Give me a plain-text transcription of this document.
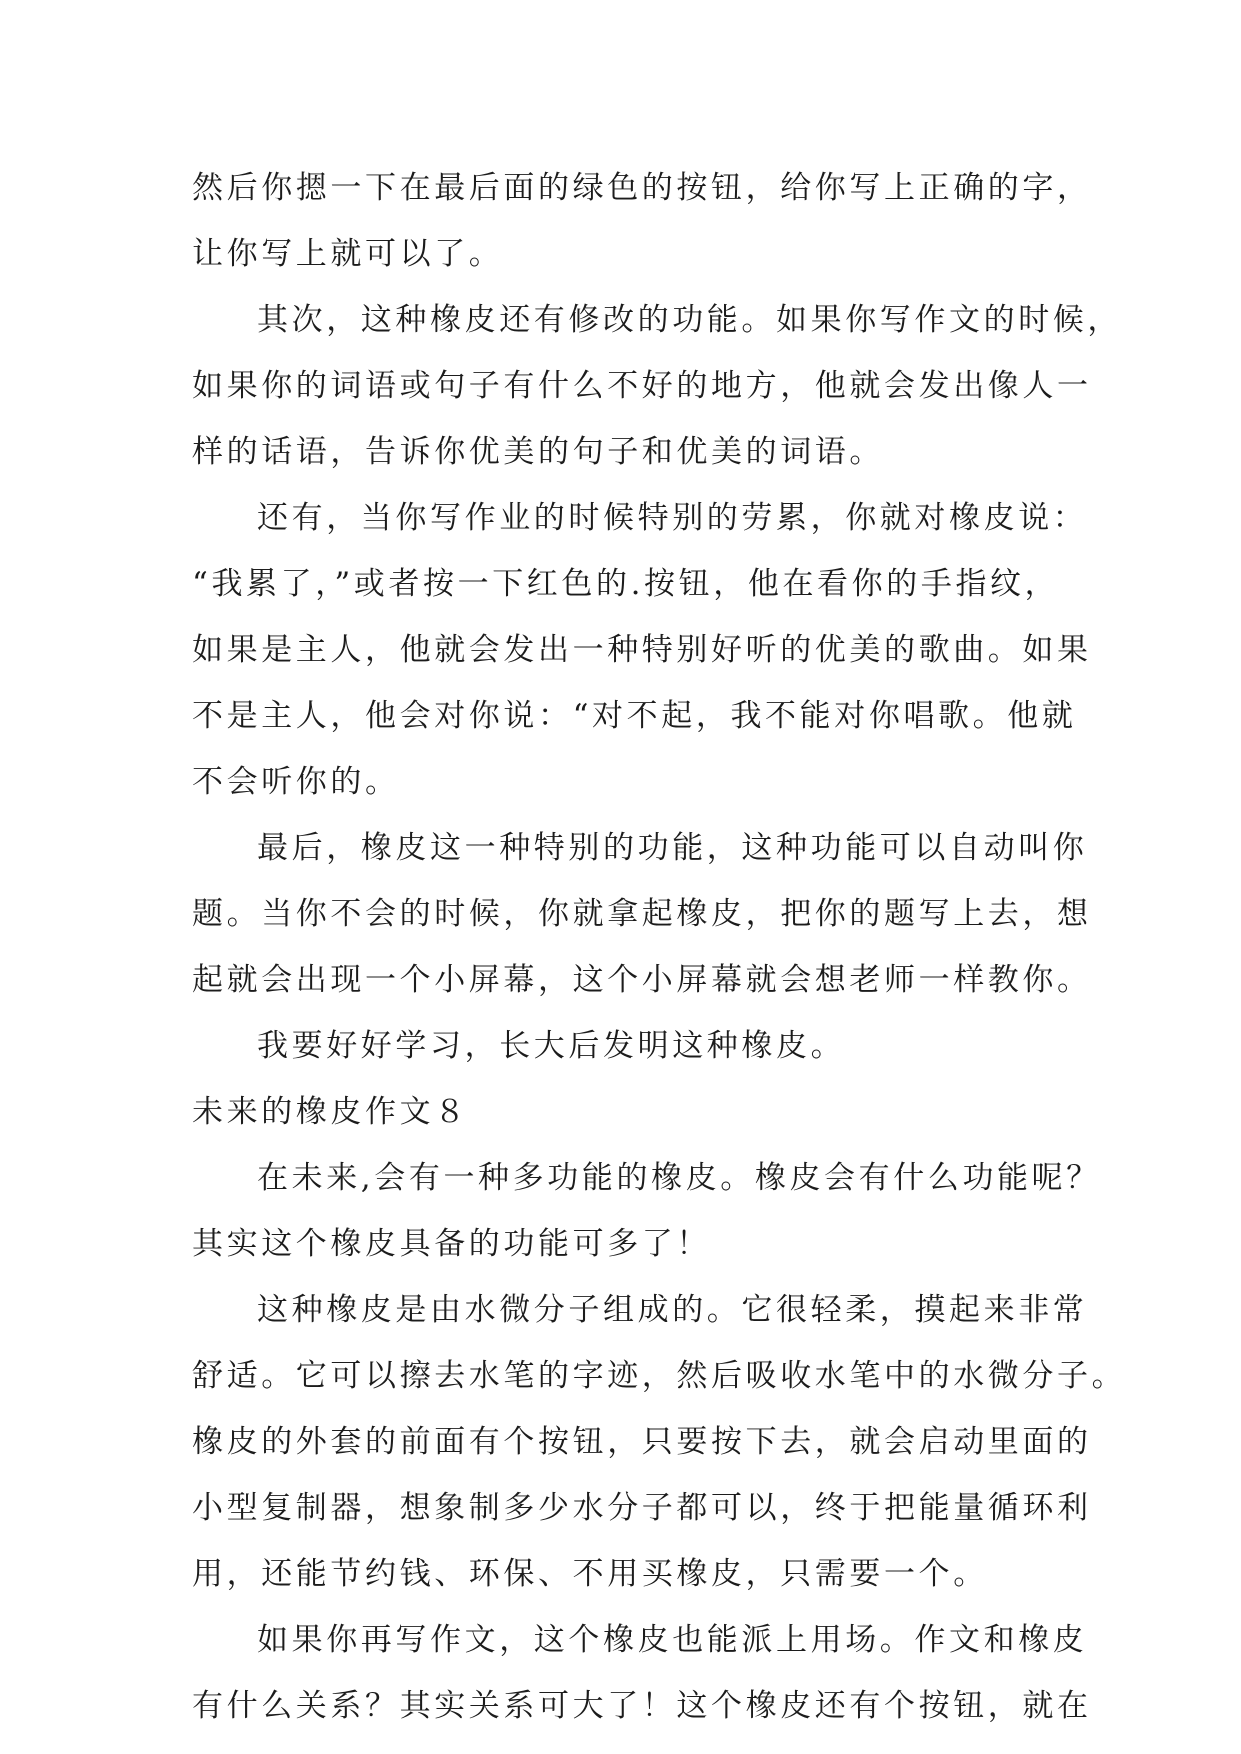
然后你摁一下在最后面的绿色的按钮，给你写上正确的字，
让你写上就可以了。
其次，这种橡皮还有修改的功能。如果你写作文的时候，
如果你的词语或句子有什么不好的地方，他就会发出像人一
样的话语，告诉你优美的句子和优美的词语。
还有，当你写作业的时候特别的劳累，你就对橡皮说：
“我累了，”或者按一下红色的.按钮，他在看你的手指纹，
如果是主人，他就会发出一种特别好听的优美的歌曲。如果
不是主人，他会对你说：“对不起，我不能对你唱歌。他就
不会听你的。
最后，橡皮这一种特别的功能，这种功能可以自动叫你
题。当你不会的时候，你就拿起橡皮，把你的题写上去，想
起就会出现一个小屏幕，这个小屏幕就会想老师一样教你。
我要好好学习，长大后发明这种橡皮。
未来的橡皮作文８
在未来,会有一种多功能的橡皮。橡皮会有什么功能呢？
其实这个橡皮具备的功能可多了！
这种橡皮是由水微分子组成的。它很轻柔，摸起来非常
舒适。它可以擦去水笔的字迹，然后吸收水笔中的水微分子。
橡皮的外套的前面有个按钮，只要按下去，就会启动里面的
小型复制器，想象制多少水分子都可以，终于把能量循环利
用，还能节约钱、环保、不用买橡皮，只需要一个。
如果你再写作文，这个橡皮也能派上用场。作文和橡皮
有什么关系？其实关系可大了！这个橡皮还有个按钮，就在
